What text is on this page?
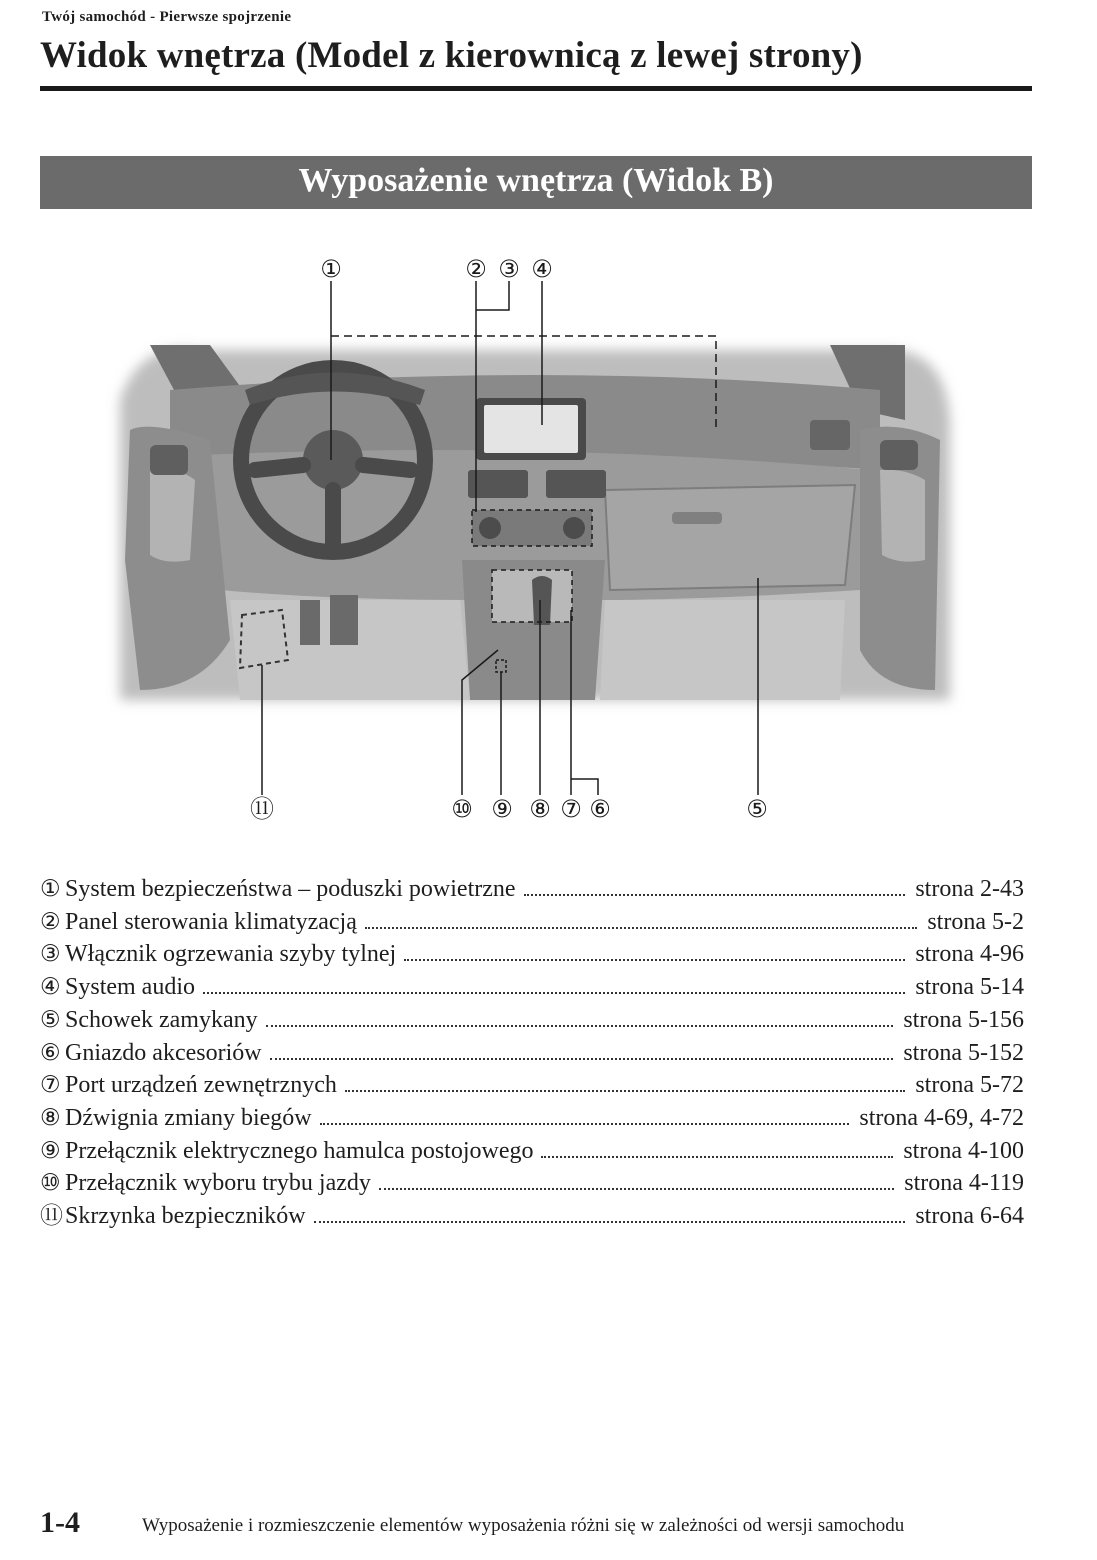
Twój samochód - Pierwsze spojrzenie
Widok wnętrza (Model z kierownicą z lewej strony)
Wyposażenie wnętrza (Widok B)
①	② ③ ④
⑤
⑥
⑦
⑧
⑨
⑩
⑪
① System bezpieczeństwa – poduszki powietrzne	strona 2-43
② Panel sterowania klimatyzacją	strona 5-2
③ Włącznik ogrzewania szyby tylnej	strona 4-96
④ System audio	strona 5-14
⑤ Schowek zamykany	strona 5-156
⑥ Gniazdo akcesoriów	strona 5-152
⑦ Port urządzeń zewnętrznych	strona 5-72
⑧ Dźwignia zmiany biegów	strona 4-69, 4-72
⑨ Przełącznik elektrycznego hamulca postojowego	strona 4-100
⑩ Przełącznik wyboru trybu jazdy	strona 4-119
⑪ Skrzynka bezpieczników	strona 6-64
1-4	Wyposażenie i rozmieszczenie elementów wyposażenia różni się w zależności od wersji samochodu
